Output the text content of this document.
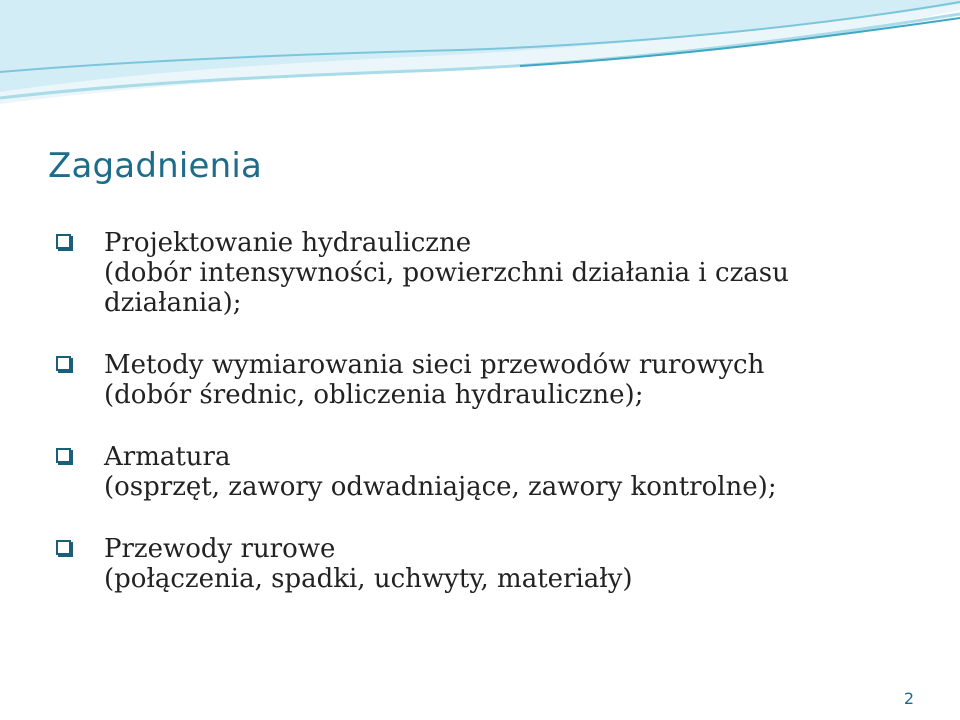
Zagadnienia
Projektowanie hydrauliczne
(dobór intensywności, powierzchni działania i czasu działania);
Metody wymiarowania sieci przewodów rurowych
(dobór średnic, obliczenia hydrauliczne);
Armatura
(osprzęt, zawory odwadniające, zawory kontrolne);
Przewody rurowe
(połączenia, spadki, uchwyty, materiały)
2
